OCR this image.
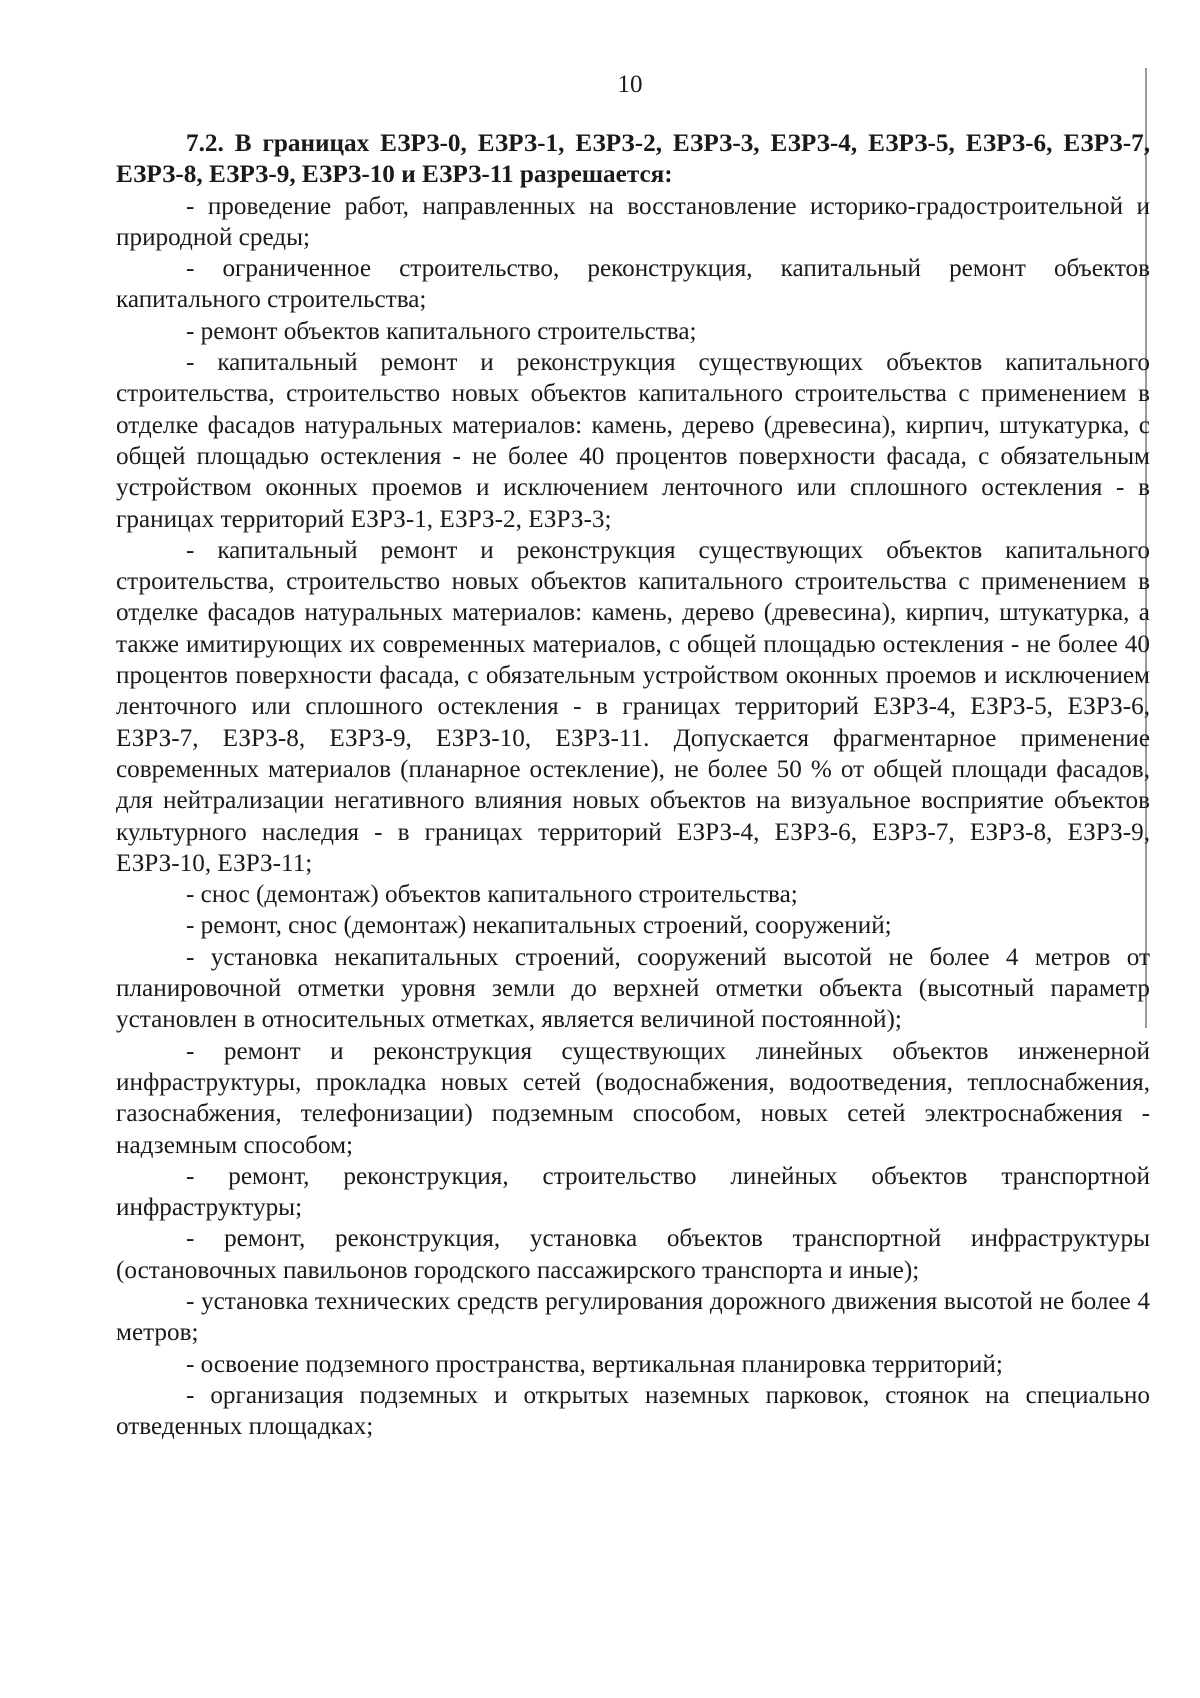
10

7.2. В границах ЕЗРЗ-0, ЕЗРЗ-1, ЕЗРЗ-2, ЕЗРЗ-3, ЕЗРЗ-4, ЕЗРЗ-5, ЕЗРЗ-6, ЕЗРЗ-7, ЕЗРЗ-8, ЕЗРЗ-9, ЕЗРЗ-10 и ЕЗРЗ-11 разрешается:

- проведение работ, направленных на восстановление историко-градостроительной и природной среды;

- ограниченное строительство, реконструкция, капитальный ремонт объектов капитального строительства;

- ремонт объектов капитального строительства;

- капитальный ремонт и реконструкция существующих объектов капитального строительства, строительство новых объектов капитального строительства с применением в отделке фасадов натуральных материалов: камень, дерево (древесина), кирпич, штукатурка, с общей площадью остекления - не более 40 процентов поверхности фасада, с обязательным устройством оконных проемов и исключением ленточного или сплошного остекления - в границах территорий ЕЗРЗ-1, ЕЗРЗ-2, ЕЗРЗ-3;

- капитальный ремонт и реконструкция существующих объектов капитального строительства, строительство новых объектов капитального строительства с применением в отделке фасадов натуральных материалов: камень, дерево (древесина), кирпич, штукатурка, а также имитирующих их современных материалов, с общей площадью остекления - не более 40 процентов поверхности фасада, с обязательным устройством оконных проемов и исключением ленточного или сплошного остекления - в границах территорий ЕЗРЗ-4, ЕЗРЗ-5, ЕЗРЗ-6, ЕЗРЗ-7, ЕЗРЗ-8, ЕЗРЗ-9, ЕЗРЗ-10, ЕЗРЗ-11. Допускается фрагментарное применение современных материалов (планарное остекление), не более 50 % от общей площади фасадов, для нейтрализации негативного влияния новых объектов на визуальное восприятие объектов культурного наследия - в границах территорий ЕЗРЗ-4, ЕЗРЗ-6, ЕЗРЗ-7, ЕЗРЗ-8, ЕЗРЗ-9, ЕЗРЗ-10, ЕЗРЗ-11;

- снос (демонтаж) объектов капитального строительства;

- ремонт, снос (демонтаж) некапитальных строений, сооружений;

- установка некапитальных строений, сооружений высотой не более 4 метров от планировочной отметки уровня земли до верхней отметки объекта (высотный параметр установлен в относительных отметках, является величиной постоянной);

- ремонт и реконструкция существующих линейных объектов инженерной инфраструктуры, прокладка новых сетей (водоснабжения, водоотведения, теплоснабжения, газоснабжения, телефонизации) подземным способом, новых сетей электроснабжения - надземным способом;

- ремонт, реконструкция, строительство линейных объектов транспортной инфраструктуры;

- ремонт, реконструкция, установка объектов транспортной инфраструктуры (остановочных павильонов городского пассажирского транспорта и иные);

- установка технических средств регулирования дорожного движения высотой не более 4 метров;

- освоение подземного пространства, вертикальная планировка территорий;

- организация подземных и открытых наземных парковок, стоянок на специально отведенных площадках;
